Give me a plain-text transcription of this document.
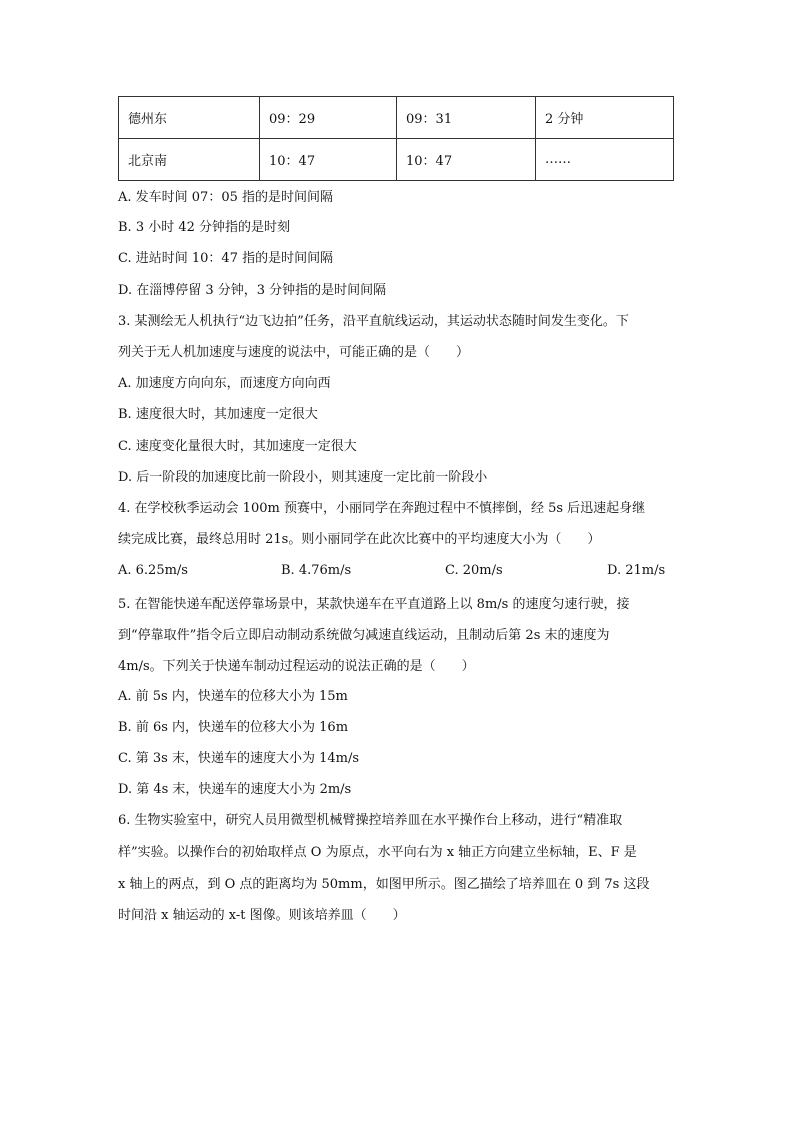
德州东	09：29	09：31	2 分钟
北京南	10：47	10：47	……
A. 发车时间 07：05 指的是时间间隔
B. 3 小时 42 分钟指的是时刻
C. 进站时间 10：47 指的是时间间隔
D. 在淄博停留 3 分钟，3 分钟指的是时间间隔
3. 某测绘无人机执行“边飞边拍”任务，沿平直航线运动，其运动状态随时间发生变化。下
列关于无人机加速度与速度的说法中，可能正确的是（　　）
A. 加速度方向向东，而速度方向向西
B. 速度很大时，其加速度一定很大
C. 速度变化量很大时，其加速度一定很大
D. 后一阶段的加速度比前一阶段小，则其速度一定比前一阶段小
4. 在学校秋季运动会 100m 预赛中，小丽同学在奔跑过程中不慎摔倒，经 5s 后迅速起身继
续完成比赛，最终总用时 21s。则小丽同学在此次比赛中的平均速度大小为（　　）
A. 6.25m/s	B. 4.76m/s	C. 20m/s	D. 21m/s
5. 在智能快递车配送停靠场景中，某款快递车在平直道路上以 8m/s 的速度匀速行驶，接
到“停靠取件”指令后立即启动制动系统做匀减速直线运动，且制动后第 2s 末的速度为
4m/s。下列关于快递车制动过程运动的说法正确的是（　　）
A. 前 5s 内，快递车的位移大小为 15m
B. 前 6s 内，快递车的位移大小为 16m
C. 第 3s 末，快递车的速度大小为 14m/s
D. 第 4s 末，快递车的速度大小为 2m/s
6. 生物实验室中，研究人员用微型机械臂操控培养皿在水平操作台上移动，进行“精准取
样”实验。以操作台的初始取样点 O 为原点，水平向右为 x 轴正方向建立坐标轴，E、F 是
x 轴上的两点，到 O 点的距离均为 50mm，如图甲所示。图乙描绘了培养皿在 0 到 7s 这段
时间沿 x 轴运动的 x-t 图像。则该培养皿（　　）
